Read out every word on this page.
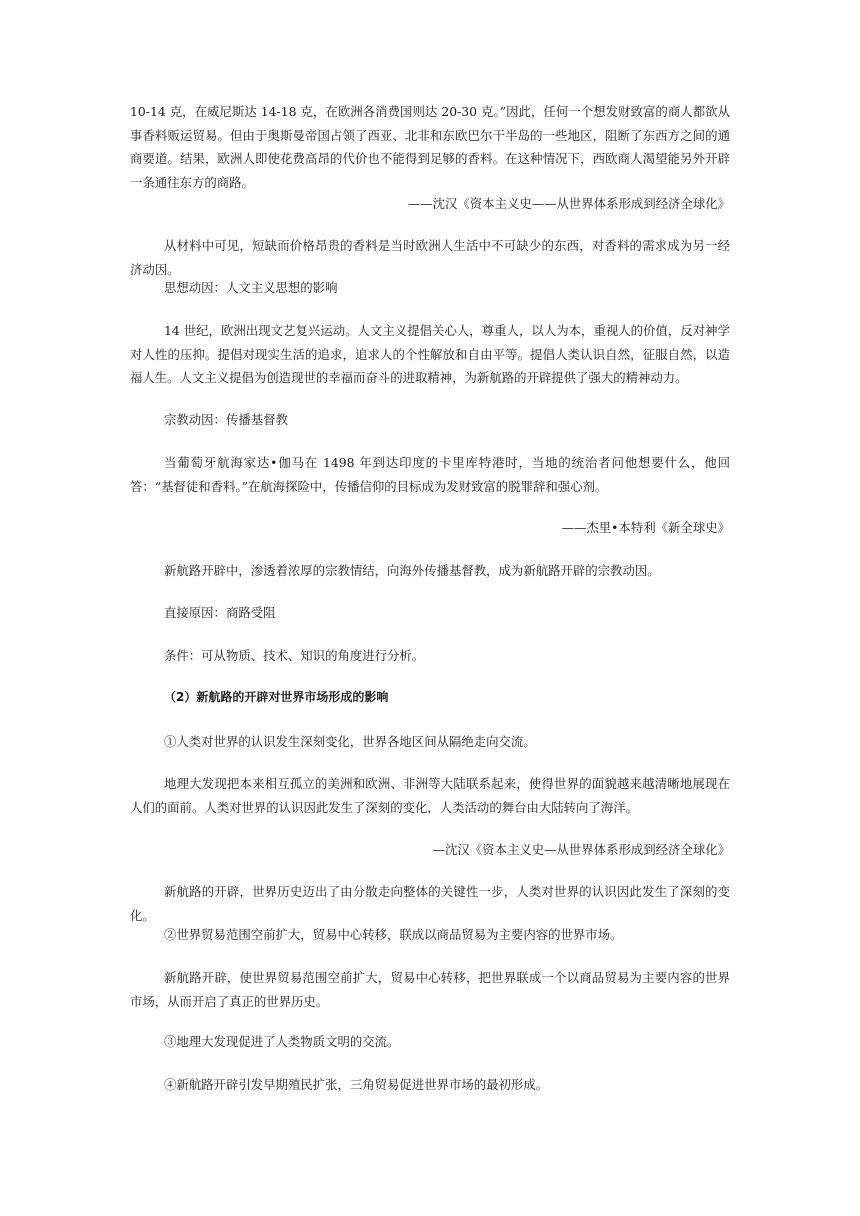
10-14 克，在威尼斯达 14-18 克，在欧洲各消费国则达 20-30 克。”因此，任何一个想发财致富的商人都欲从事香料贩运贸易。但由于奥斯曼帝国占领了西亚、北非和东欧巴尔干半岛的一些地区，阻断了东西方之间的通商要道。结果，欧洲人即使花费高昂的代价也不能得到足够的香料。在这种情况下，西欧商人渴望能另外开辟一条通往东方的商路。

——沈汉《资本主义史——从世界体系形成到经济全球化》

从材料中可见，短缺而价格昂贵的香料是当时欧洲人生活中不可缺少的东西，对香料的需求成为另一经济动因。

思想动因：人文主义思想的影响

14 世纪，欧洲出现文艺复兴运动。人文主义提倡关心人，尊重人，以人为本，重视人的价值，反对神学对人性的压抑。提倡对现实生活的追求，追求人的个性解放和自由平等。提倡人类认识自然，征服自然，以造福人生。人文主义提倡为创造现世的幸福而奋斗的进取精神，为新航路的开辟提供了强大的精神动力。

宗教动因：传播基督教

当葡萄牙航海家达•伽马在 1498 年到达印度的卡里库特港时，当地的统治者问他想要什么，他回答：“基督徒和香料。”在航海探险中，传播信仰的目标成为发财致富的脱罪辞和强心剂。

——杰里•本特利《新全球史》

新航路开辟中，渗透着浓厚的宗教情结，向海外传播基督教，成为新航路开辟的宗教动因。

直接原因：商路受阻

条件：可从物质、技术、知识的角度进行分析。

（2）新航路的开辟对世界市场形成的影响

①人类对世界的认识发生深刻变化，世界各地区间从隔绝走向交流。

地理大发现把本来相互孤立的美洲和欧洲、非洲等大陆联系起来，使得世界的面貌越来越清晰地展现在人们的面前。人类对世界的认识因此发生了深刻的变化，人类活动的舞台由大陆转向了海洋。

—沈汉《资本主义史—从世界体系形成到经济全球化》

新航路的开辟，世界历史迈出了由分散走向整体的关键性一步，人类对世界的认识因此发生了深刻的变化。

②世界贸易范围空前扩大，贸易中心转移，联成以商品贸易为主要内容的世界市场。

新航路开辟，使世界贸易范围空前扩大，贸易中心转移，把世界联成一个以商品贸易为主要内容的世界市场，从而开启了真正的世界历史。

③地理大发现促进了人类物质文明的交流。

④新航路开辟引发早期殖民扩张，三角贸易促进世界市场的最初形成。
